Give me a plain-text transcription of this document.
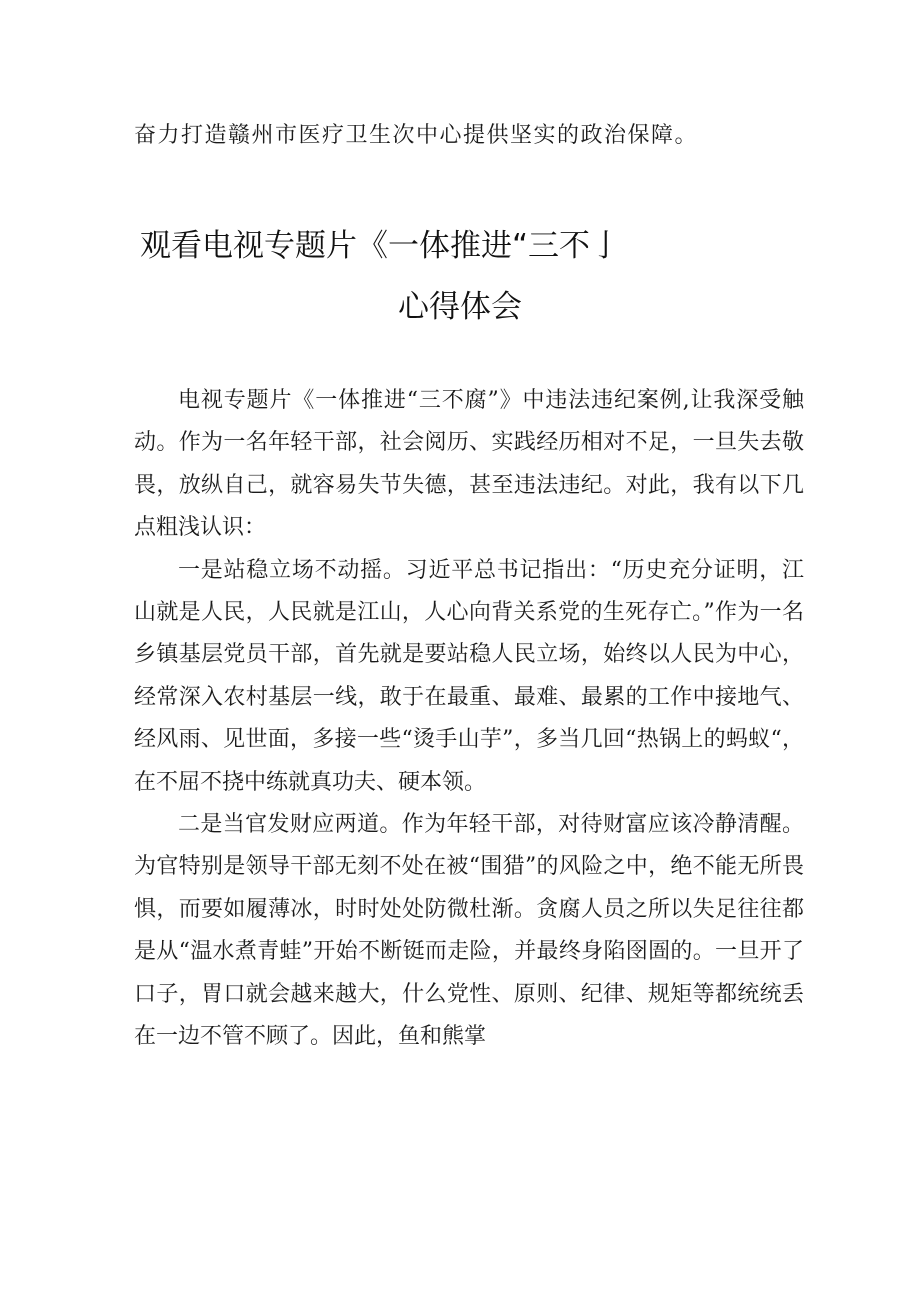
奋力打造赣州市医疗卫生次中心提供坚实的政治保障。
观看电视专题片《一体推进“三不亅
心得体会

电视专题片《一体推进“三不腐”》中违法违纪案例,让我深受触动。作为一名年轻干部，社会阅历、实践经历相对不足，一旦失去敬畏，放纵自己，就容易失节失德，甚至违法违纪。对此，我有以下几点粗浅认识：

一是站稳立场不动摇。习近平总书记指出：“历史充分证明，江山就是人民，人民就是江山，人心向背关系党的生死存亡。”作为一名乡镇基层党员干部，首先就是要站稳人民立场，始终以人民为中心，经常深入农村基层一线，敢于在最重、最难、最累的工作中接地气、经风雨、见世面，多接一些“烫手山芋”，多当几回“热锅上的蚂蚁“，在不屈不挠中练就真功夫、硬本领。

二是当官发财应两道。作为年轻干部，对待财富应该冷静清醒。为官特别是领导干部无刻不处在被“围猎”的风险之中，绝不能无所畏惧，而要如履薄冰，时时处处防微杜渐。贪腐人员之所以失足往往都是从“温水煮青蛙”开始不断铤而走险，并最终身陷囹圄的。一旦开了口子，胃口就会越来越大，什么党性、原则、纪律、规矩等都统统丢在一边不管不顾了。因此，鱼和熊掌
